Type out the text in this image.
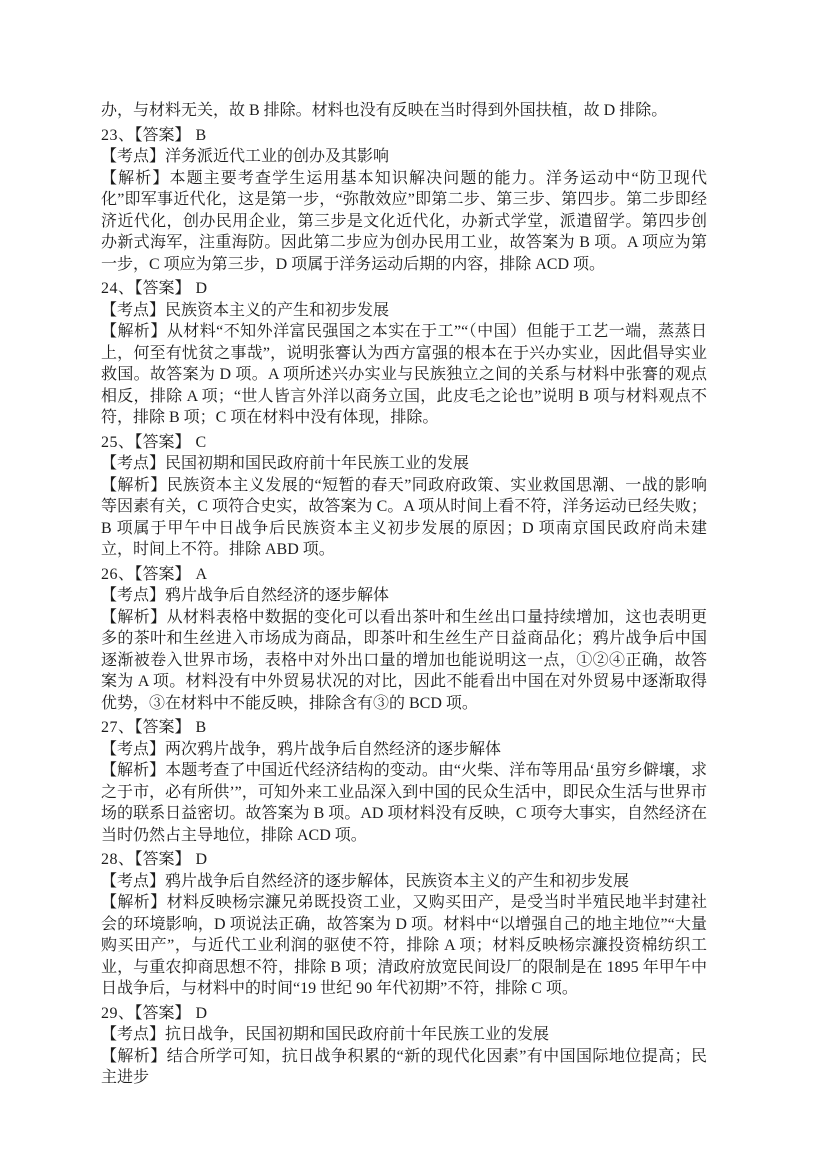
办，与材料无关，故 B 排除。材料也没有反映在当时得到外国扶植，故 D 排除。

23、【答案】 B

【考点】洋务派近代工业的创办及其影响

【解析】本题主要考查学生运用基本知识解决问题的能力。洋务运动中“防卫现代化”即军事近代化，这是第一步，“弥散效应”即第二步、第三步、第四步。第二步即经济近代化，创办民用企业，第三步是文化近代化，办新式学堂，派遣留学。第四步创办新式海军，注重海防。因此第二步应为创办民用工业，故答案为 B 项。A 项应为第一步，C 项应为第三步，D 项属于洋务运动后期的内容，排除 ACD 项。

24、【答案】 D

【考点】民族资本主义的产生和初步发展

【解析】从材料“不知外洋富民强国之本实在于工”“（中国）但能于工艺一端，蒸蒸日上，何至有忧贫之事哉”，说明张謇认为西方富强的根本在于兴办实业，因此倡导实业救国。故答案为 D 项。A 项所述兴办实业与民族独立之间的关系与材料中张謇的观点相反，排除 A 项；“世人皆言外洋以商务立国，此皮毛之论也”说明 B 项与材料观点不符，排除 B 项；C 项在材料中没有体现，排除。

25、【答案】 C

【考点】民国初期和国民政府前十年民族工业的发展

【解析】民族资本主义发展的“短暂的春天”同政府政策、实业救国思潮、一战的影响等因素有关，C 项符合史实，故答案为 C。A 项从时间上看不符，洋务运动已经失败；B 项属于甲午中日战争后民族资本主义初步发展的原因；D 项南京国民政府尚未建立，时间上不符。排除 ABD 项。

26、【答案】 A

【考点】鸦片战争后自然经济的逐步解体

【解析】从材料表格中数据的变化可以看出茶叶和生丝出口量持续增加，这也表明更多的茶叶和生丝进入市场成为商品，即茶叶和生丝生产日益商品化；鸦片战争后中国逐渐被卷入世界市场，表格中对外出口量的增加也能说明这一点，①②④正确，故答案为 A 项。材料没有中外贸易状况的对比，因此不能看出中国在对外贸易中逐渐取得优势，③在材料中不能反映，排除含有③的 BCD 项。

27、【答案】 B

【考点】两次鸦片战争，鸦片战争后自然经济的逐步解体

【解析】本题考查了中国近代经济结构的变动。由“火柴、洋布等用品‘虽穷乡僻壤，求之于市，必有所供’”，可知外来工业品深入到中国的民众生活中，即民众生活与世界市场的联系日益密切。故答案为 B 项。AD 项材料没有反映，C 项夸大事实，自然经济在当时仍然占主导地位，排除 ACD 项。

28、【答案】 D

【考点】鸦片战争后自然经济的逐步解体，民族资本主义的产生和初步发展

【解析】材料反映杨宗濂兄弟既投资工业，又购买田产，是受当时半殖民地半封建社会的环境影响，D 项说法正确，故答案为 D 项。材料中“以增强自己的地主地位”“大量购买田产”，与近代工业利润的驱使不符，排除 A 项；材料反映杨宗濂投资棉纺织工业，与重农抑商思想不符，排除 B 项；清政府放宽民间设厂的限制是在 1895 年甲午中日战争后，与材料中的时间“19 世纪 90 年代初期”不符，排除 C 项。

29、【答案】 D

【考点】抗日战争，民国初期和国民政府前十年民族工业的发展

【解析】结合所学可知，抗日战争积累的“新的现代化因素”有中国国际地位提高；民主进步
